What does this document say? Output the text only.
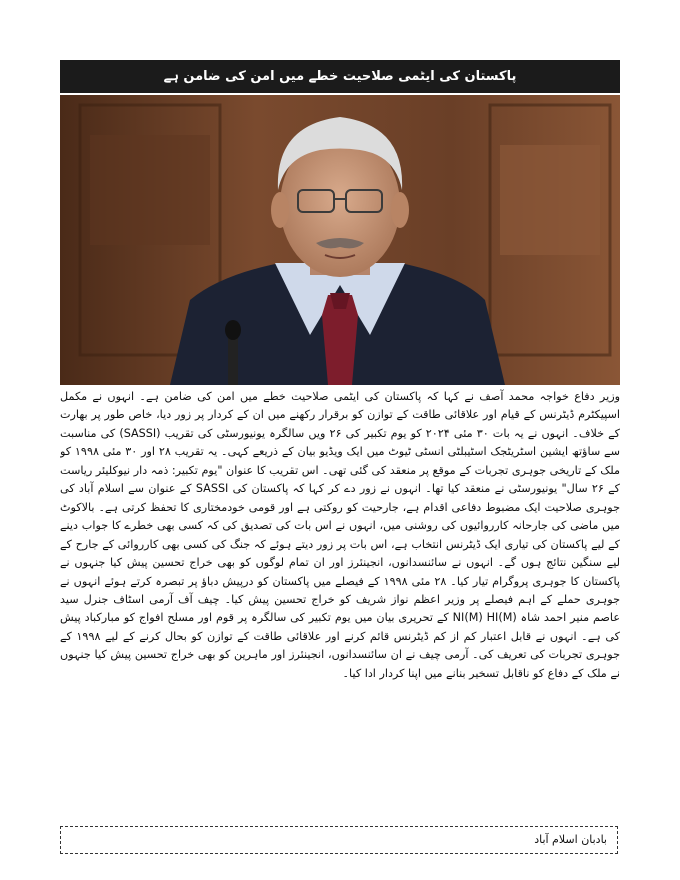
پاکستان کی ایٹمی صلاحیت خطے میں امن کی ضامن ہے

وزیر دفاع خواجہ محمد آصف نے کہا کہ پاکستان کی ایٹمی صلاحیت خطے میں امن کی ضامن ہے۔ انہوں نے مکمل اسپیکٹرم ڈیٹرنس کے قیام اور علاقائی طاقت کے توازن کو برقرار رکھنے میں ان کے کردار پر زور دیا، خاص طور پر بھارت کے خلاف۔ انہوں نے یہ بات ۳۰ مئی ۲۰۲۴ کو یوم تکبیر کی ۲۶ ویں سالگرہ یونیورسٹی کی تقریب (SASSI) کی مناسبت سے ساؤتھ ایشین اسٹریٹجک اسٹیبلٹی انسٹی ٹیوٹ میں ایک ویڈیو بیان کے ذریعے کہی۔ یہ تقریب ۲۸ اور ۳۰ مئی ۱۹۹۸ کو ملک کے تاریخی جوہری تجربات کے موقع پر منعقد کی گئی تھی۔ اس تقریب کا عنوان "یوم تکبیر: ذمہ دار نیوکلیئر ریاست کے ۲۶ سال" یونیورسٹی نے منعقد کیا تھا۔ انہوں نے زور دے کر کہا کہ پاکستان کی SASSI کے عنوان سے اسلام آباد کی جوہری صلاحیت ایک مضبوط دفاعی اقدام ہے، جارحیت کو روکتی ہے اور قومی خودمختاری کا تحفظ کرتی ہے۔ بالاکوٹ میں ماضی کی جارحانہ کارروائیوں کی روشنی میں، انہوں نے اس بات کی تصدیق کی کہ کسی بھی خطرے کا جواب دینے کے لیے پاکستان کی تیاری ایک ڈیٹرنس انتخاب ہے، اس بات پر زور دیتے ہوئے کہ جنگ کی کسی بھی کارروائی کے جارح کے لیے سنگین نتائج ہوں گے۔ انہوں نے سائنسدانوں، انجینئرز اور ان تمام لوگوں کو بھی خراج تحسین پیش کیا جنہوں نے پاکستان کا جوہری پروگرام تیار کیا۔ ۲۸ مئی ۱۹۹۸ کے فیصلے میں پاکستان کو درپیش دباؤ پر تبصرہ کرتے ہوئے انہوں نے جوہری حملے کے اہم فیصلے پر وزیر اعظم نواز شریف کو خراج تحسین پیش کیا۔ چیف آف آرمی اسٹاف جنرل سید عاصم منیر احمد شاہ NI(M) HI(M) کے تحریری بیان میں یوم تکبیر کی سالگرہ پر قوم اور مسلح افواج کو مبارکباد پیش کی ہے۔ انہوں نے قابل اعتبار کم از کم ڈیٹرنس قائم کرنے اور علاقائی طاقت کے توازن کو بحال کرنے کے لیے ۱۹۹۸ کے جوہری تجربات کی تعریف کی۔ آرمی چیف نے ان سائنسدانوں، انجینئرز اور ماہرین کو بھی خراج تحسین پیش کیا جنہوں نے ملک کے دفاع کو ناقابل تسخیر بنانے میں اپنا کردار ادا کیا۔

بادبان اسلام آباد
